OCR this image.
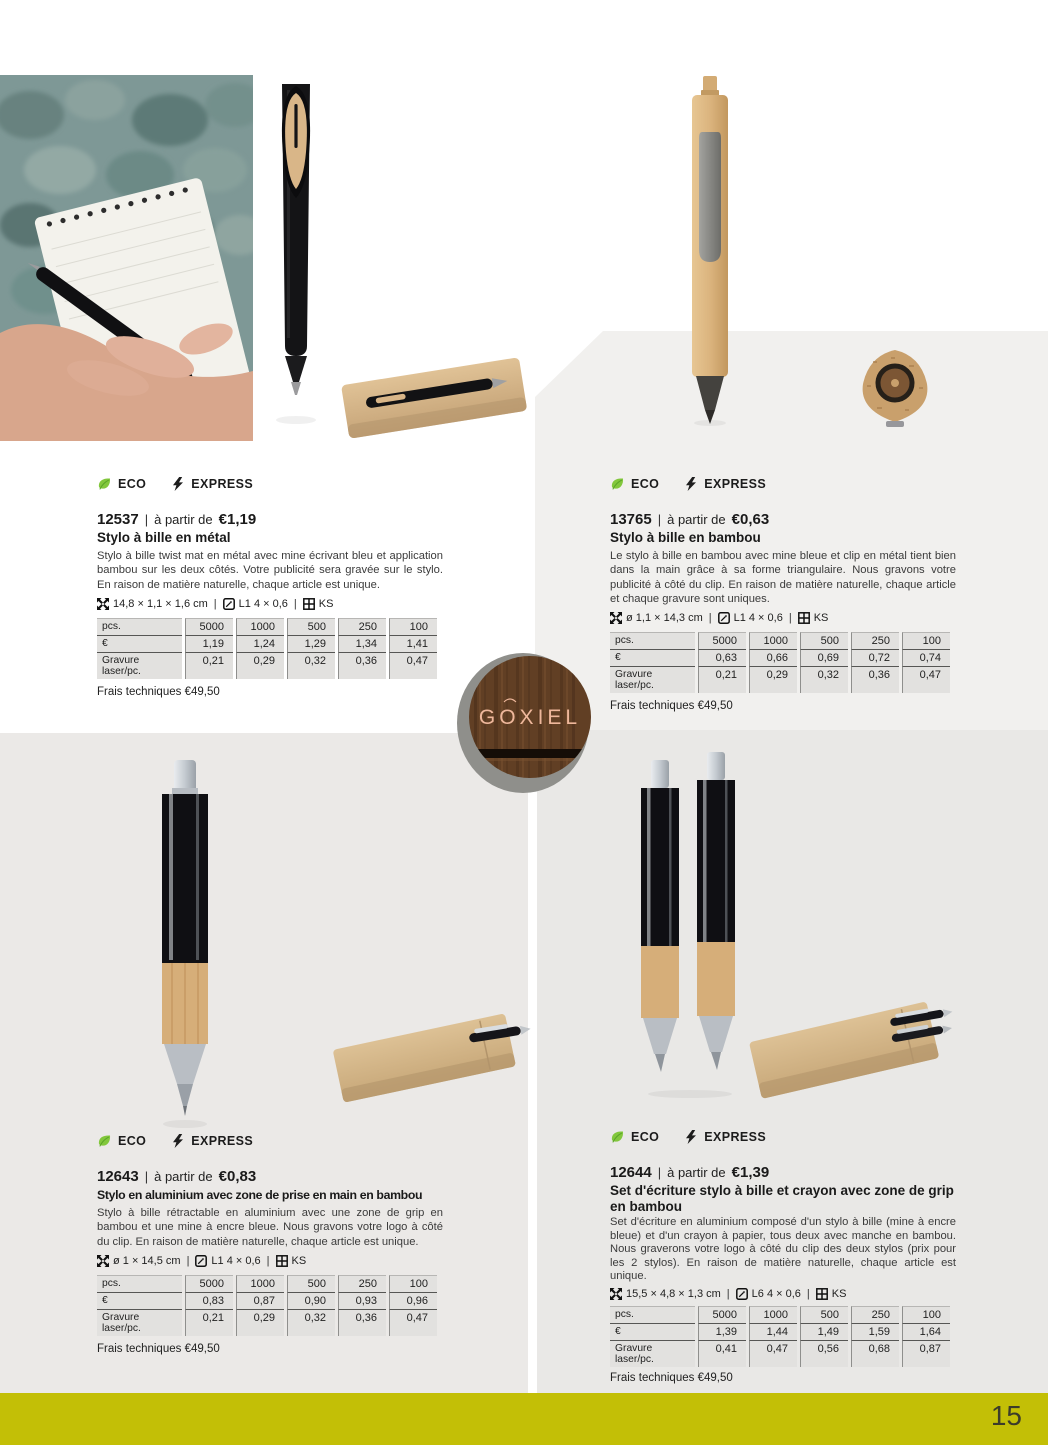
GOXIEL
ECO	EXPRESS
12537 | à partir de €1,19
Stylo à bille en métal

Stylo à bille twist mat en métal avec mine écrivant bleu et application bambou sur les deux côtés. Votre publicité sera gravée sur le stylo. En raison de matière naturelle, chaque article est unique.

14,8 × 1,1 × 1,6 cm | L1 4 × 0,6 | KS
pcs.	5000	1000	500	250	100
€	1,19	1,24	1,29	1,34	1,41
Gravure laser/pc.	0,21	0,29	0,32	0,36	0,47
Frais techniques €49,50
ECO	EXPRESS
13765 | à partir de €0,63
Stylo à bille en bambou

Le stylo à bille en bambou avec mine bleue et clip en métal tient bien dans la main grâce à sa forme triangulaire. Nous gravons votre publicité à côté du clip. En raison de matière naturelle, chaque article et chaque gravure sont uniques.

ø 1,1 × 14,3 cm | L1 4 × 0,6 | KS
pcs.	5000	1000	500	250	100
€	0,63	0,66	0,69	0,72	0,74
Gravure laser/pc.	0,21	0,29	0,32	0,36	0,47
Frais techniques €49,50
ECO	EXPRESS
12643 | à partir de €0,83
Stylo en aluminium avec zone de prise en main en bambou

Stylo à bille rétractable en aluminium avec une zone de grip en bambou et une mine à encre bleue. Nous gravons votre logo à côté du clip. En raison de matière naturelle, chaque article est unique.

ø 1 × 14,5 cm | L1 4 × 0,6 | KS
pcs.	5000	1000	500	250	100
€	0,83	0,87	0,90	0,93	0,96
Gravure laser/pc.	0,21	0,29	0,32	0,36	0,47
Frais techniques €49,50
ECO	EXPRESS
12644 | à partir de €1,39
Set d'écriture stylo à bille et crayon avec zone de grip en bambou

Set d'écriture en aluminium composé d'un stylo à bille (mine à encre bleue) et d'un crayon à papier, tous deux avec manche en bambou. Nous graverons votre logo à côté du clip des deux stylos (prix pour les 2 stylos). En raison de matière naturelle, chaque article est unique.

15,5 × 4,8 × 1,3 cm | L6 4 × 0,6 | KS
pcs.	5000	1000	500	250	100
€	1,39	1,44	1,49	1,59	1,64
Gravure laser/pc.	0,41	0,47	0,56	0,68	0,87
Frais techniques €49,50
15
